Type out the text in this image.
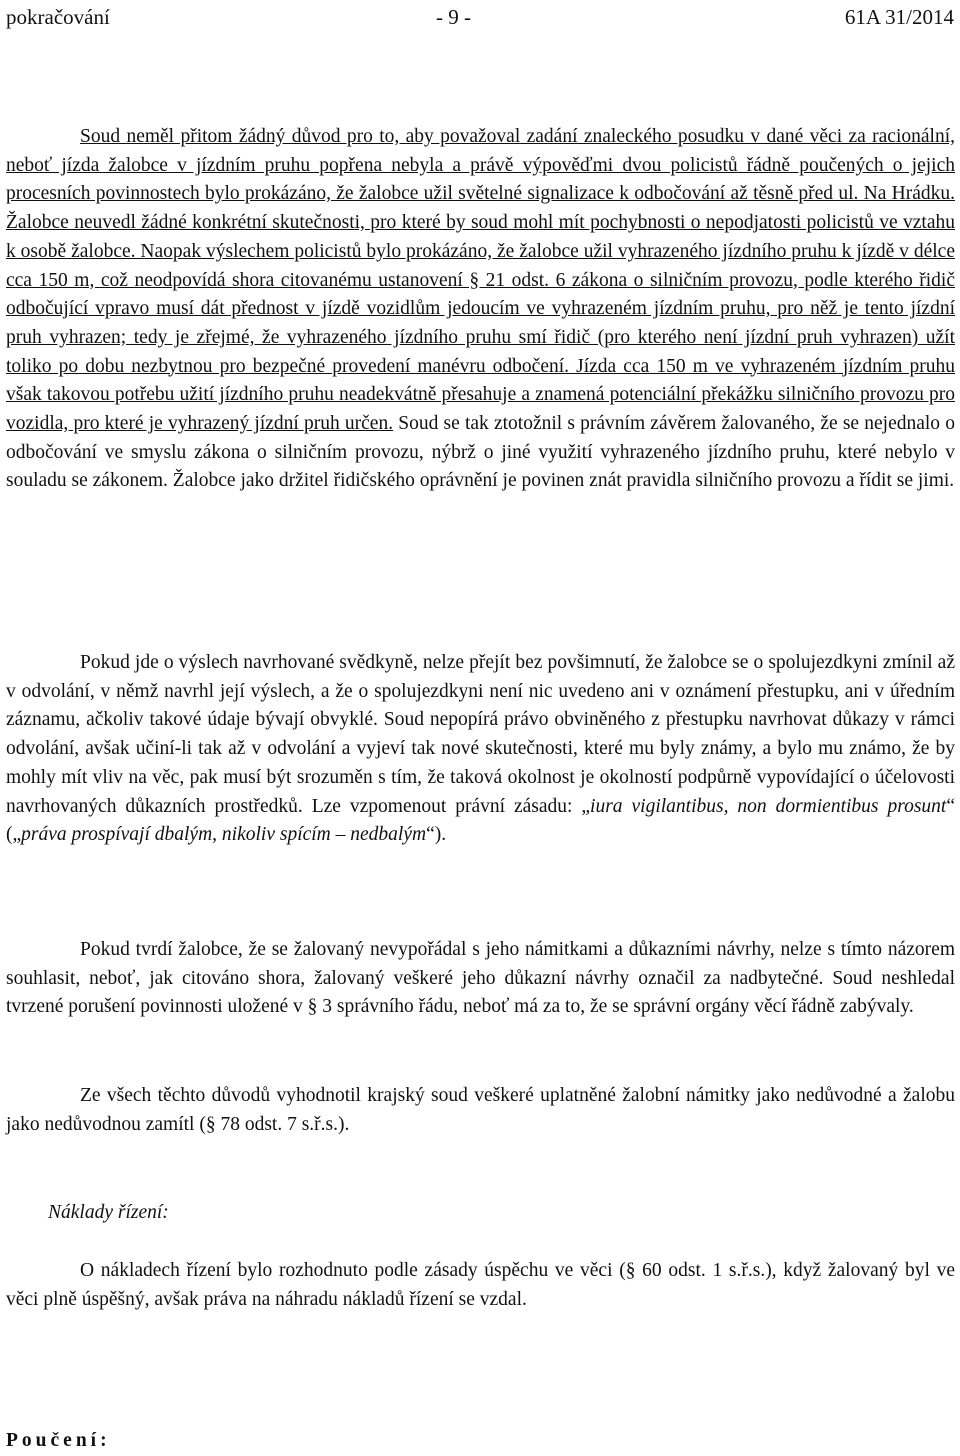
pokračování	- 9 -	61A 31/2014

Soud neměl přitom žádný důvod pro to, aby považoval zadání znaleckého posudku v dané věci za racionální, neboť jízda žalobce v jízdním pruhu popřena nebyla a právě výpověďmi dvou policistů řádně poučených o jejich procesních povinnostech bylo prokázáno, že žalobce užil světelné signalizace k odbočování až těsně před ul. Na Hrádku. Žalobce neuvedl žádné konkrétní skutečnosti, pro které by soud mohl mít pochybnosti o nepodjatosti policistů ve vztahu k osobě žalobce. Naopak výslechem policistů bylo prokázáno, že žalobce užil vyhrazeného jízdního pruhu k jízdě v délce cca 150 m, což neodpovídá shora citovanému ustanovení § 21 odst. 6 zákona o silničním provozu, podle kterého řidič odbočující vpravo musí dát přednost v jízdě vozidlům jedoucím ve vyhrazeném jízdním pruhu, pro něž je tento jízdní pruh vyhrazen; tedy je zřejmé, že vyhrazeného jízdního pruhu smí řidič (pro kterého není jízdní pruh vyhrazen) užít toliko po dobu nezbytnou pro bezpečné provedení manévru odbočení. Jízda cca 150 m ve vyhrazeném jízdním pruhu však takovou potřebu užití jízdního pruhu neadekvátně přesahuje a znamená potenciální překážku silničního provozu pro vozidla, pro které je vyhrazený jízdní pruh určen. Soud se tak ztotožnil s právním závěrem žalovaného, že se nejednalo o odbočování ve smyslu zákona o silničním provozu, nýbrž o jiné využití vyhrazeného jízdního pruhu, které nebylo v souladu se zákonem. Žalobce jako držitel řidičského oprávnění je povinen znát pravidla silničního provozu a řídit se jimi.

Pokud jde o výslech navrhované svědkyně, nelze přejít bez povšimnutí, že žalobce se o spolujezdkyni zmínil až v odvolání, v němž navrhl její výslech, a že o spolujezdkyni není nic uvedeno ani v oznámení přestupku, ani v úředním záznamu, ačkoliv takové údaje bývají obvyklé. Soud nepopírá právo obviněného z přestupku navrhovat důkazy v rámci odvolání, avšak učiní-li tak až v odvolání a vyjeví tak nové skutečnosti, které mu byly známy, a bylo mu známo, že by mohly mít vliv na věc, pak musí být srozuměn s tím, že taková okolnost je okolností podpůrně vypovídající o účelovosti navrhovaných důkazních prostředků. Lze vzpomenout právní zásadu: „iura vigilantibus, non dormientibus prosunt“ („práva prospívají dbalým, nikoliv spícím – nedbalým“).

Pokud tvrdí žalobce, že se žalovaný nevypořádal s jeho námitkami a důkazními návrhy, nelze s tímto názorem souhlasit, neboť, jak citováno shora, žalovaný veškeré jeho důkazní návrhy označil za nadbytečné. Soud neshledal tvrzené porušení povinnosti uložené v § 3 správního řádu, neboť má za to, že se správní orgány věcí řádně zabývaly.

Ze všech těchto důvodů vyhodnotil krajský soud veškeré uplatněné žalobní námitky jako nedůvodné a žalobu jako nedůvodnou zamítl (§ 78 odst. 7 s.ř.s.).

Náklady řízení:

O nákladech řízení bylo rozhodnuto podle zásady úspěchu ve věci (§ 60 odst. 1 s.ř.s.), když žalovaný byl ve věci plně úspěšný, avšak práva na náhradu nákladů řízení se vzdal.

Poučení:
